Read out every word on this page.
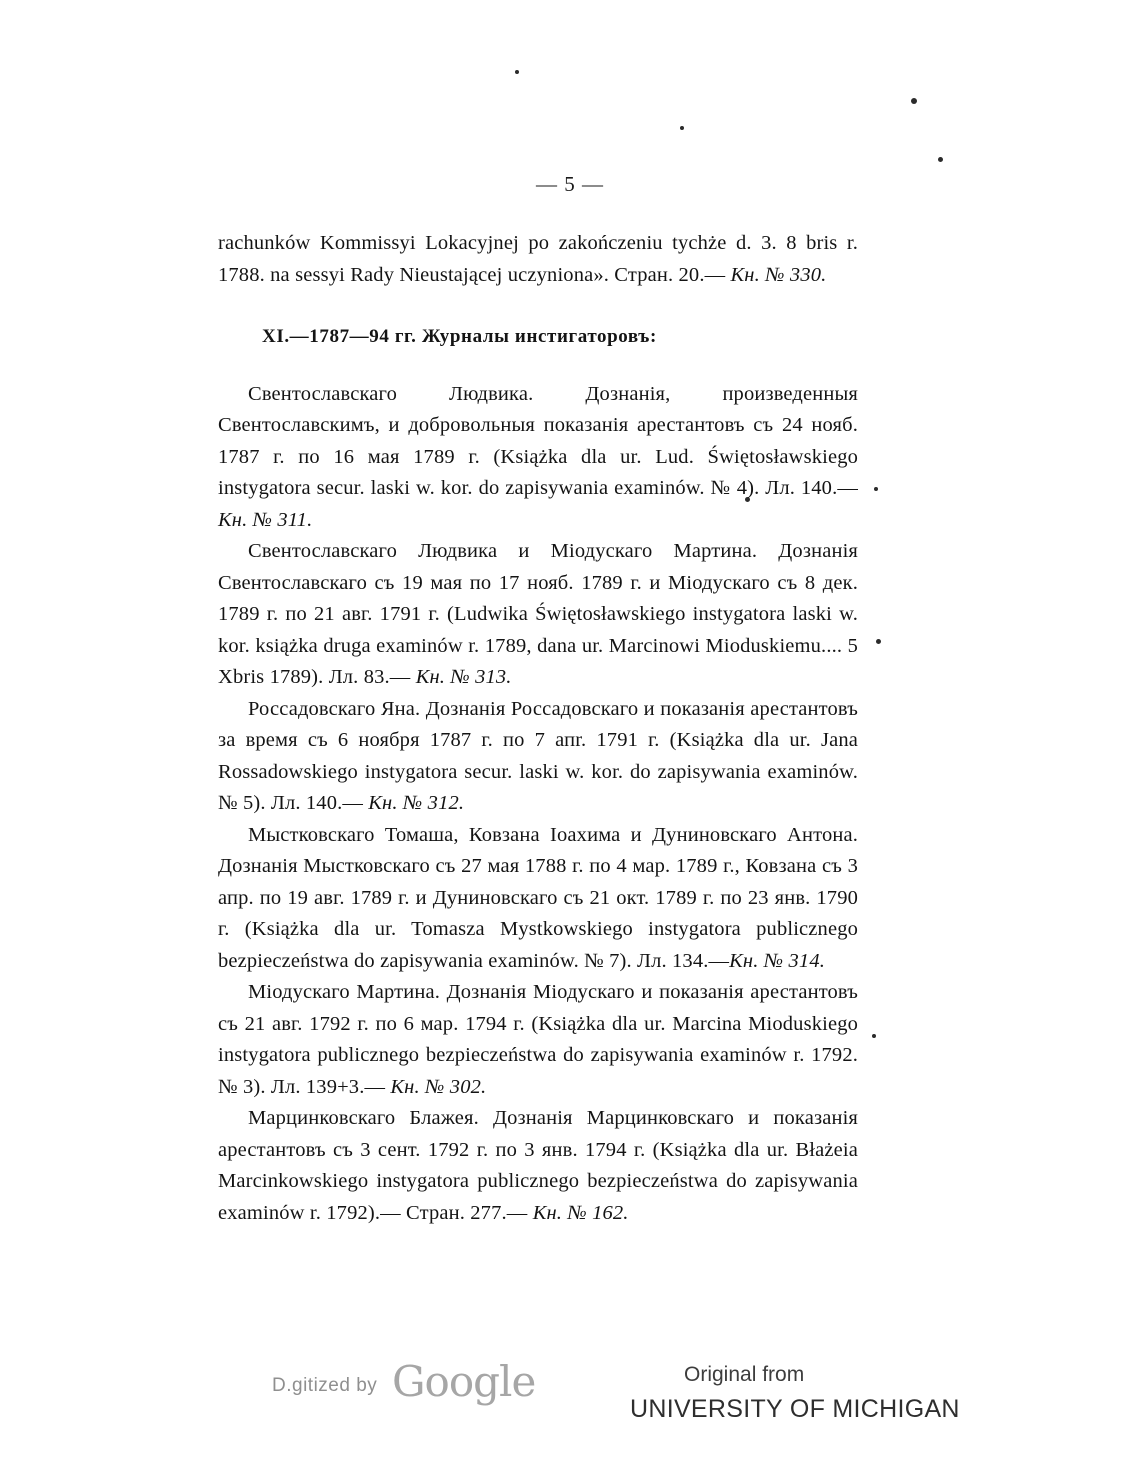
— 5 —

rachunków Kommissyi Lokacyjnej po zakończeniu tychże d. 3. 8 bris r. 1788. na sessyi Rady Nieustającej uczyniona». Стран. 20.— Кн. № 330.

XI.—1787—94 гг. Журналы инстигаторовъ:

Свентославскаго Людвика. Дознанія, произведенныя Свентославскимъ, и добровольныя показанія арестантовъ съ 24 нояб. 1787 г. по 16 мая 1789 г. (Książka dla ur. Lud. Świętosławskiego instygatora secur. laski w. kor. do zapisywania examinów. № 4). Лл. 140.— Кн. № 311.

Свентославскаго Людвика и Міодускаго Мартина. Дознанія Свентославскаго съ 19 мая по 17 нояб. 1789 г. и Міодускаго съ 8 дек. 1789 г. по 21 авг. 1791 г. (Ludwika Świętosławskiego instygatora laski w. kor. książka druga examinów r. 1789, dana ur. Marcinowi Mioduskiemu.... 5 Xbris 1789). Лл. 83.— Кн. № 313.

Россадовскаго Яна. Дознанія Россадовскаго и показанія арестантовъ за время съ 6 ноября 1787 г. по 7 апr. 1791 г. (Książka dla ur. Jana Rossadowskiego instygatora secur. laski w. kor. do zapisywania examinów. № 5). Лл. 140.— Кн. № 312.

Мыстковскаго Томаша, Ковзана Іоахима и Дуниновскаго Антона. Дознанія Мыстковскаго съ 27 мая 1788 г. по 4 мар. 1789 г., Ковзана съ 3 апр. по 19 авг. 1789 г. и Дуниновскаго съ 21 окт. 1789 г. по 23 янв. 1790 г. (Książka dla ur. Tomasza Mystkowskiego instygatora publicznego bezpieczeństwa do zapisywania examinów. № 7). Лл. 134.—Кн. № 314.

Міодускаго Мартина. Дознанія Міодускаго и показанія арестантовъ съ 21 авг. 1792 г. по 6 мар. 1794 г. (Książka dla ur. Marcina Mioduskiego instygatora publicznego bezpieczeństwa do zapisywania examinów r. 1792. № 3). Лл. 139+3.— Кн. № 302.

Марцинковскаго Блажея. Дознанія Марцинковскаго и показанія арестантовъ съ 3 сент. 1792 г. по 3 янв. 1794 г. (Książka dla ur. Błażeia Marcinkowskiego instygatora publicznego bezpieczeństwa do zapisywania examinów r. 1792).— Стран. 277.— Кн. № 162.

D.gitized by Google	Original from
UNIVERSITY OF MICHIGAN
